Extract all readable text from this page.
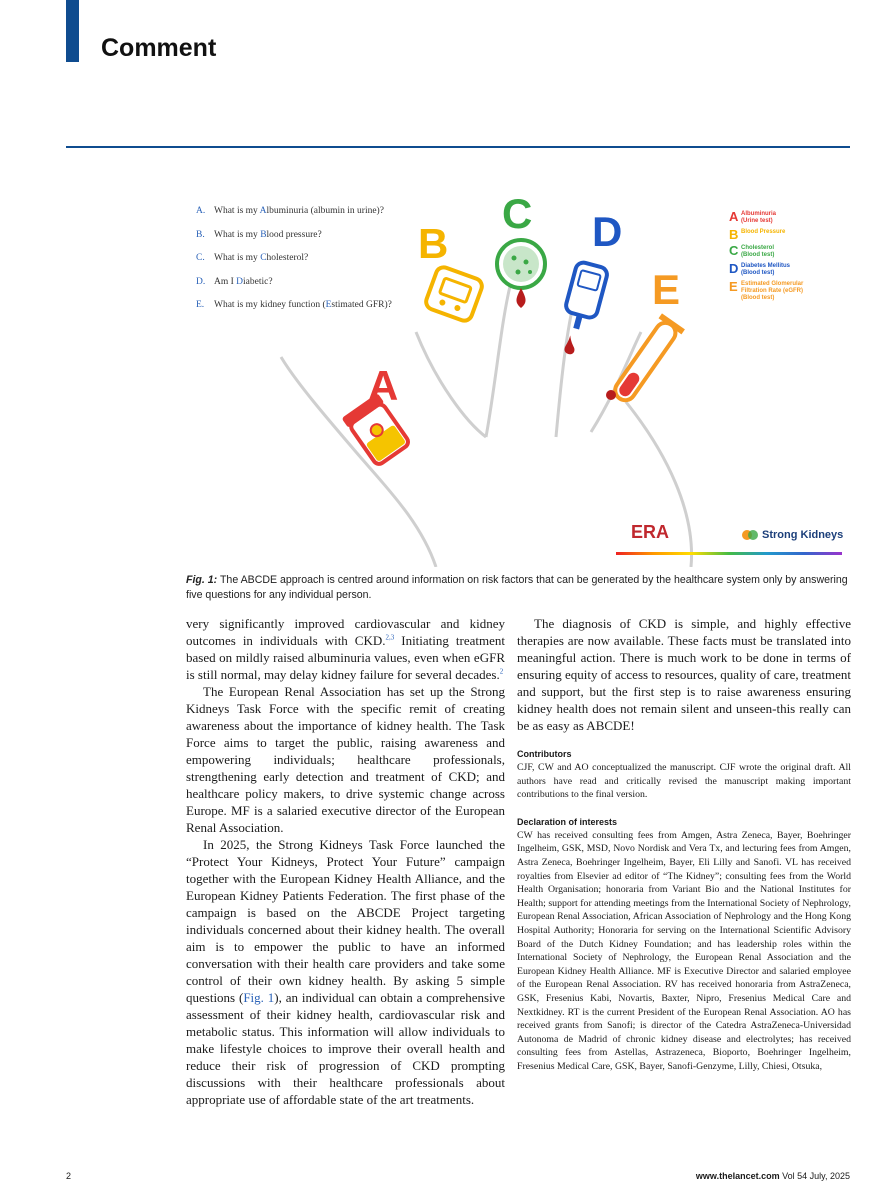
Comment
A
B
C D
E
A. What is my Albuminuria (albumin in urine)?
B. What is my Blood pressure?
C. What is my Cholesterol?
D. Am I Diabetic?
E. What is my kidney function (Estimated GFR)?
A Albuminuria
(Urine test)
B Blood Pressure
C Cholesterol
(Blood test)
D Diabetes Mellitus
(Blood test)
E Estimated Glomerular
Filtration Rate (eGFR)
(Blood test)
ERA	Strong Kidneys
Fig. 1: The ABCDE approach is centred around information on risk factors that can be generated by the healthcare system only by answering five questions for any individual person.

very significantly improved cardiovascular and kidney outcomes in individuals with CKD.$^{2,3}$ Initiating treatment based on mildly raised albuminuria values, even when eGFR is still normal, may delay kidney failure for several decades.$^2$

The European Renal Association has set up the Strong Kidneys Task Force with the specific remit of creating awareness about the importance of kidney health. The Task Force aims to target the public, raising awareness and empowering individuals; healthcare professionals, strengthening early detection and treatment of CKD; and healthcare policy makers, to drive systemic change across Europe. MF is a salaried executive director of the European Renal Association.

In 2025, the Strong Kidneys Task Force launched the “Protect Your Kidneys, Protect Your Future” campaign together with the European Kidney Health Alliance, and the European Kidney Patients Federation. The first phase of the campaign is based on the ABCDE Project targeting individuals concerned about their kidney health. The overall aim is to empower the public to have an informed conversation with their health care providers and take some control of their own kidney health. By asking 5 simple questions (Fig. 1), an individual can obtain a comprehensive assessment of their kidney health, cardiovascular risk and metabolic status. This information will allow individuals to make lifestyle choices to improve their overall health and reduce their risk of progression of CKD prompting discussions with their healthcare professionals about appropriate use of affordable state of the art treatments.

The diagnosis of CKD is simple, and highly effective therapies are now available. These facts must be translated into meaningful action. There is much work to be done in terms of ensuring equity of access to resources, quality of care, treatment and support, but the first step is to raise awareness ensuring kidney health does not remain silent and unseen-this really can be as easy as ABCDE!

Contributors

CJF, CW and AO conceptualized the manuscript. CJF wrote the original draft. All authors have read and critically revised the manuscript making important contributions to the final version.

Declaration of interests

CW has received consulting fees from Amgen, Astra Zeneca, Bayer, Boehringer Ingelheim, GSK, MSD, Novo Nordisk and Vera Tx, and lecturing fees from Amgen, Astra Zeneca, Boehringer Ingelheim, Bayer, Eli Lilly and Sanofi. VL has received royalties from Elsevier ad editor of “The Kidney”; consulting fees from the World Health Organisation; honoraria from Variant Bio and the National Institutes for Health; support for attending meetings from the International Society of Nephrology, European Renal Association, African Association of Nephrology and the Hong Kong Hospital Authority; Honoraria for serving on the International Scientific Advisory Board of the Dutch Kidney Foundation; and has leadership roles within the International Society of Nephrology, the European Renal Association and the European Kidney Health Alliance. MF is Executive Director and salaried employee of the European Renal Association. RV has received honoraria from AstraZeneca, GSK, Fresenius Kabi, Novartis, Baxter, Nipro, Fresenius Medical Care and Nextkidney. RT is the current President of the European Renal Association. AO has received grants from Sanofi; is director of the Catedra AstraZeneca-Universidad Autonoma de Madrid of chronic kidney disease and electrolytes; has received consulting fees from Astellas, Astrazeneca, Bioporto, Boehringer Ingelheim, Fresenius Medical Care, GSK, Bayer, Sanofi-Genzyme, Lilly, Chiesi, Otsuka,

2	www.thelancet.com Vol 54 July, 2025
